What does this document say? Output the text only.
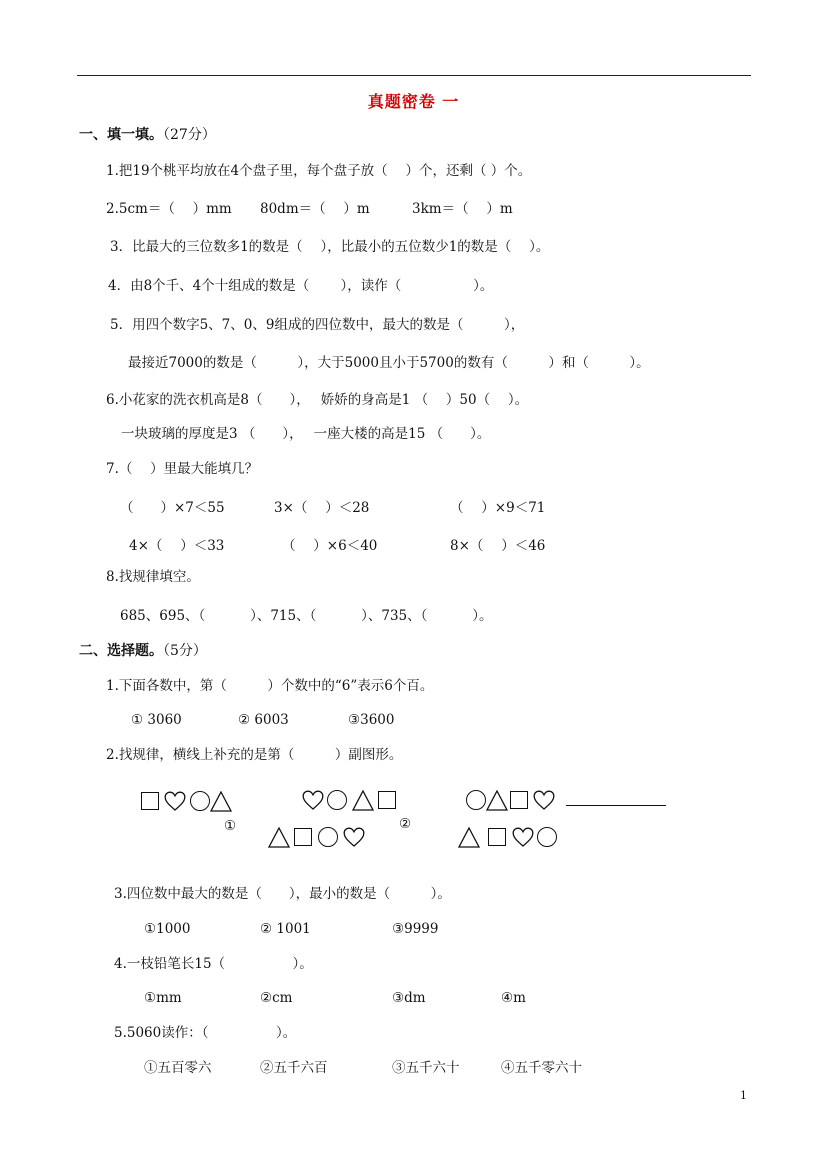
真题密卷 一
一、填一填。（27分）
1.把19个桃平均放在4个盘子里，每个盘子放（　 ）个，还剩（ ）个。
2.5cm＝（　 ）mm 80dm＝（　 ）m	3km＝（　 ）m
3．比最大的三位数多1的数是（　 ），比最小的五位数少1的数是（　 ）。
4．由8个千、4个十组成的数是（　　 ），读作（　　　　　 ）。
5．用四个数字5、7、0、9组成的四位数中，最大的数是（　　　），
最接近7000的数是（　　　），大于5000且小于5700的数有（　　　）和（　　　）。
6.小花家的洗衣机高是8（　　），　 娇娇的身高是1 （　 ）50（　 ）。
一块玻璃的厚度是3 （　　），　 一座大楼的高是15 （　　）。
7.（　 ）里最大能填几？
（　　）×7＜55	3×（　 ）＜28	（　 ）×9＜71
4×（　 ）＜33	（　 ）×6＜40	8×（　 ）＜46
8.找规律填空。
685、695、（　　　 ）、715、（　　　 ）、735、（　　　 ）。
二、选择题。（5分）
1.下面各数中，第（　　　）个数中的“6”表示6个百。
① 3060	② 6003	③3600
2.找规律，横线上补充的是第（　　　）副图形。
①	②
3.四位数中最大的数是（　　），最小的数是（　　　）。
①1000	② 1001	③9999
4.一枝铅笔长15（　　　　　）。
①mm	②cm	③dm	④m
5.5060读作：（　　　　　）。
①五百零六	②五千六百	③五千六十	④五千零六十
1
